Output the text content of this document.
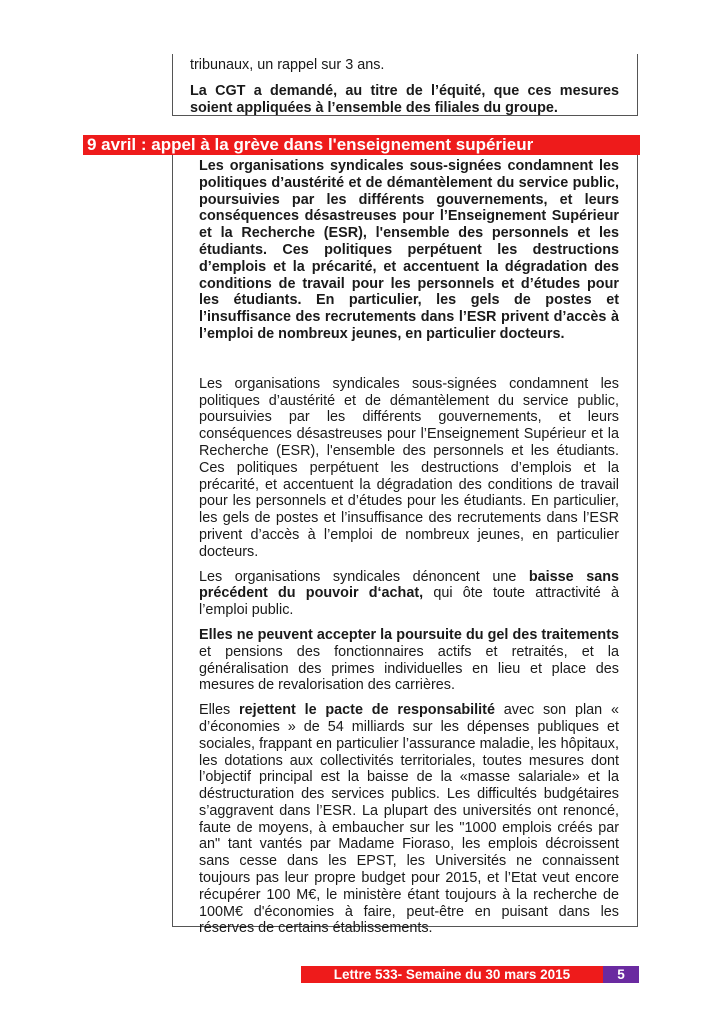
tribunaux, un rappel sur 3 ans.

La CGT a demandé, au titre de l’équité, que ces mesures soient appliquées à l’ensemble des filiales du groupe.

9 avril : appel à la grève dans l'enseignement supérieur

Les organisations syndicales sous-signées condamnent les politiques d’austérité et de démantèlement du service public, poursuivies par les différents gouvernements, et leurs conséquences désastreuses pour l’Enseignement Supérieur et la Recherche (ESR), l'ensemble des personnels et les étudiants. Ces politiques perpétuent les destructions d’emplois et la précarité, et accentuent la dégradation des conditions de travail pour les personnels et d’études pour les étudiants. En particulier, les gels de postes et l’insuffisance des recrutements dans l’ESR privent d’accès à l’emploi de nombreux jeunes, en particulier docteurs.

Les organisations syndicales sous-signées condamnent les politiques d’austérité et de démantèlement du service public, poursuivies par les différents gouvernements, et leurs conséquences désastreuses pour l’Enseignement Supérieur et la Recherche (ESR), l'ensemble des personnels et les étudiants. Ces politiques perpétuent les destructions d’emplois et la précarité, et accentuent la dégradation des conditions de travail pour les personnels et d’études pour les étudiants. En particulier, les gels de postes et l’insuffisance des recrutements dans l’ESR privent d’accès à l’emploi de nombreux jeunes, en particulier docteurs.

Les organisations syndicales dénoncent une baisse sans précédent du pouvoir d‘achat, qui ôte toute attractivité à l’emploi public.

Elles ne peuvent accepter la poursuite du gel des traitements et pensions des fonctionnaires actifs et retraités, et la généralisation des primes individuelles en lieu et place des mesures de revalorisation des carrières.

Elles rejettent le pacte de responsabilité avec son plan « d’économies » de 54 milliards sur les dépenses publiques et sociales, frappant en particulier l’assurance maladie, les hôpitaux, les dotations aux collectivités territoriales, toutes mesures dont l’objectif principal est la baisse de la «masse salariale» et la déstructuration des services publics. Les difficultés budgétaires s’aggravent dans l’ESR. La plupart des universités ont renoncé, faute de moyens, à embaucher sur les "1000 emplois créés par an" tant vantés par Madame Fioraso, les emplois décroissent sans cesse dans les EPST, les Universités ne connaissent toujours pas leur propre budget pour 2015, et l’Etat veut encore récupérer 100 M€, le ministère étant toujours à la recherche de 100M€ d'économies à faire, peut-être en puisant dans les réserves de certains établissements.

Lettre 533- Semaine du 30 mars 2015	5
